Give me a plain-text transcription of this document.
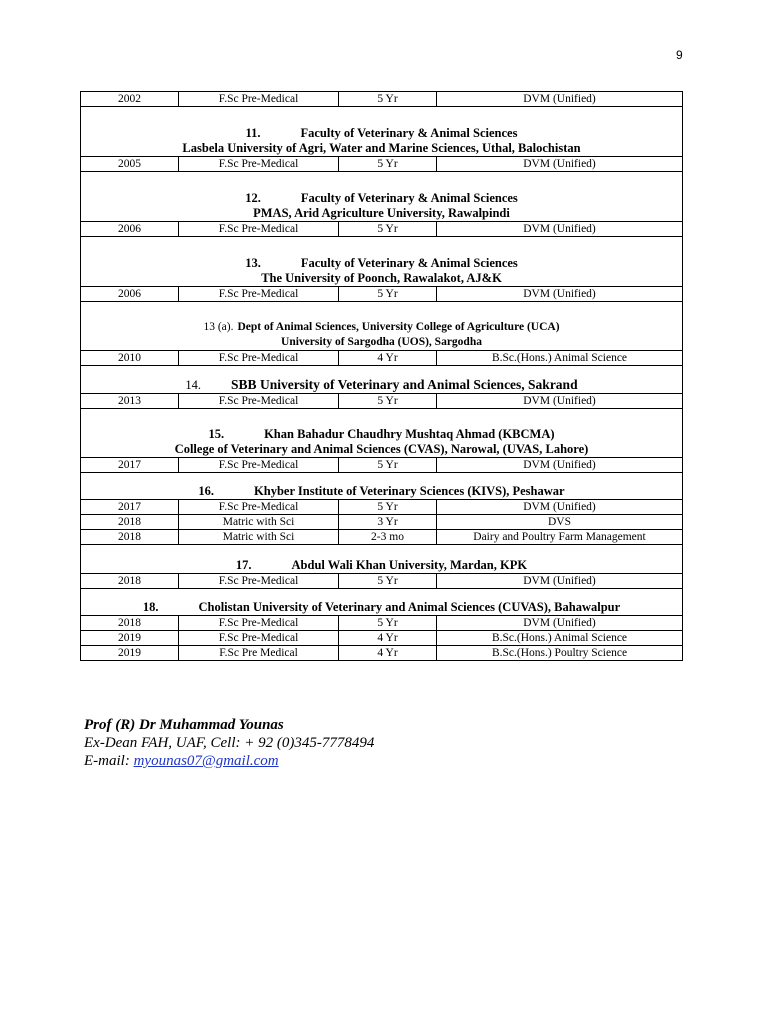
9
2002	F.Sc Pre-Medical	5 Yr	DVM (Unified)

11. Faculty of Veterinary & Animal Sciences
Lasbela University of Agri, Water and Marine Sciences, Uthal, Balochistan			

2005	F.Sc Pre-Medical	5 Yr	DVM (Unified)

12. Faculty of Veterinary & Animal Sciences
PMAS, Arid Agriculture University, Rawalpindi			

2006	F.Sc Pre-Medical	5 Yr	DVM (Unified)

13. Faculty of Veterinary & Animal Sciences
The University of Poonch, Rawalakot, AJ&K			

2006	F.Sc Pre-Medical	5 Yr	DVM (Unified)

13 (a). Dept of Animal Sciences, University College of Agriculture (UCA)
University of Sargodha (UOS), Sargodha			

2010	F.Sc Pre-Medical	4 Yr	B.Sc.(Hons.) Animal Science

14. SBB University of Veterinary and Animal Sciences, Sakrand			

2013	F.Sc Pre-Medical	5 Yr	DVM (Unified)

15. Khan Bahadur Chaudhry Mushtaq Ahmad (KBCMA)
College of Veterinary and Animal Sciences (CVAS), Narowal, (UVAS, Lahore)			

2017	F.Sc Pre-Medical	5 Yr	DVM (Unified)

16. Khyber Institute of Veterinary Sciences (KIVS), Peshawar			

2017	F.Sc Pre-Medical	5 Yr	DVM (Unified)
2018	Matric with Sci	3 Yr	DVS
2018	Matric with Sci	2-3 mo	Dairy and Poultry Farm Management

17. Abdul Wali Khan University, Mardan, KPK			

2018	F.Sc Pre-Medical	5 Yr	DVM (Unified)

18. Cholistan University of Veterinary and Animal Sciences (CUVAS), Bahawalpur			

2018	F.Sc Pre-Medical	5 Yr	DVM (Unified)
2019	F.Sc Pre-Medical	4 Yr	B.Sc.(Hons.) Animal Science
2019	F.Sc Pre Medical	4 Yr	B.Sc.(Hons.) Poultry Science
Prof (R) Dr Muhammad Younas
Ex-Dean FAH, UAF, Cell: + 92 (0)345-7778494
E-mail: myounas07@gmail.com
